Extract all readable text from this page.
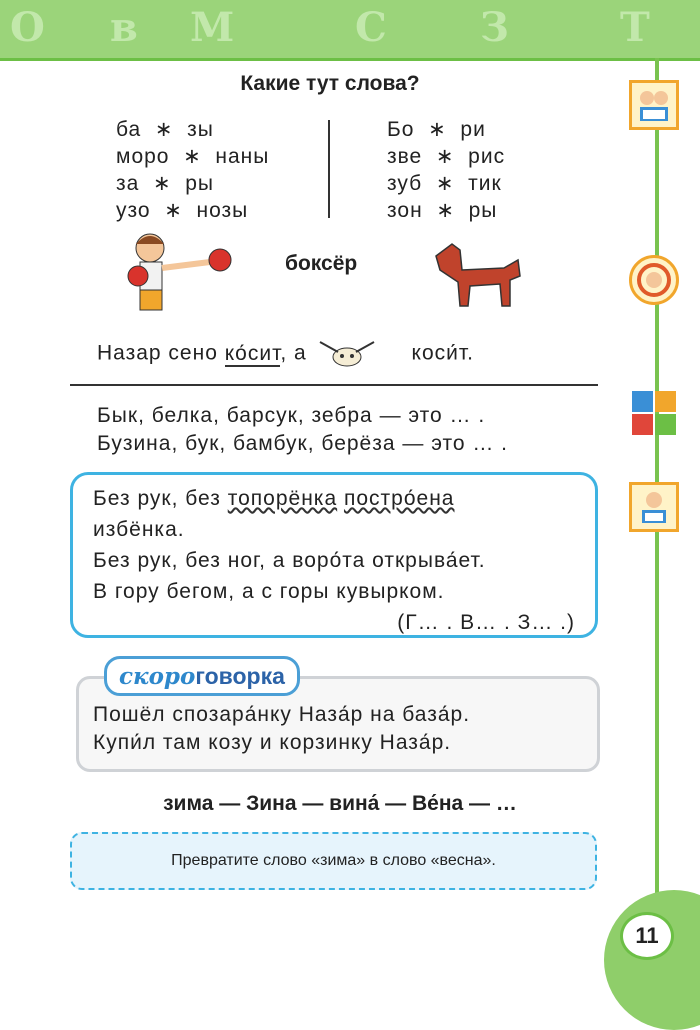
О в М	С З	Т
Какие тут слова?
ба  ∗  зы
моро  ∗  наны
за  ∗  ры
узо  ∗  нозы
Бо  ∗  ри
зве  ∗  рис
зуб  ∗  тик
зон  ∗  ры
боксёр
Назар сено ко́сит, а	коси́т.
Бык, белка, барсук, зебра — это … .
Бузина, бук, бамбук, берёза — это … .
Без рук, без топорёнка постро́ена
избёнка.
Без рук, без ног, а воро́та открыва́ет.
В гору бегом, а с горы кувырком.
(Г… . В… . З… .)
Пошёл спозара́нку Наза́р на база́р.
Купи́л там козу и корзинку Наза́р.
скоро говорка
зима — Зина — вина́ — Ве́на — …
Превратите слово «зима» в слово «весна».
11
